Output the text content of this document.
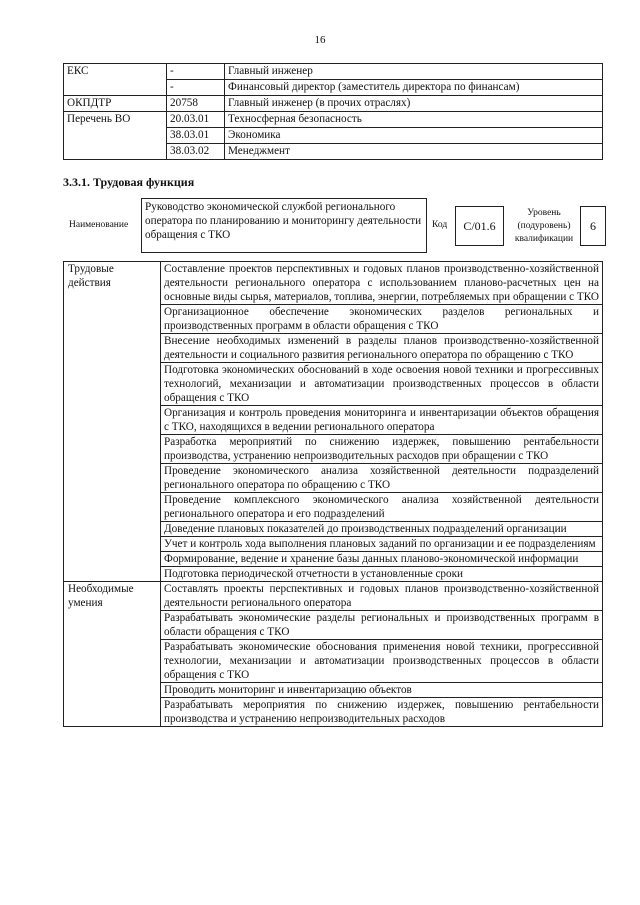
16
ЕКС	-	Главный инженер
	-	Финансовый директор (заместитель директора по финансам)
ОКПДТР	20758	Главный инженер (в прочих отраслях)
Перечень ВО	20.03.01	Техносферная безопасность
	38.03.01	Экономика
	38.03.02	Менеджмент
3.3.1. Трудовая функция
Наименование
Руководство экономической службой регионального оператора по планированию и мониторингу деятельности обращения с ТКО
Код	C/01.6
Уровень (подуровень) квалификации
6
Трудовые действия	Составление проектов перспективных и годовых планов производственно-хозяйственной деятельности регионального оператора с использованием планово-расчетных цен на основные виды сырья, материалов, топлива, энергии, потребляемых при обращении с ТКО
	Организационное обеспечение экономических разделов региональных и производственных программ в области обращения с ТКО
	Внесение необходимых изменений в разделы планов производственно-хозяйственной деятельности и социального развития регионального оператора по обращению с ТКО
	Подготовка экономических обоснований в ходе освоения новой техники и прогрессивных технологий, механизации и автоматизации производственных процессов в области обращения с ТКО
	Организация и контроль проведения мониторинга и инвентаризации объектов обращения с ТКО, находящихся в ведении регионального оператора
	Разработка мероприятий по снижению издержек, повышению рентабельности производства, устранению непроизводительных расходов при обращении с ТКО
	Проведение экономического анализа хозяйственной деятельности подразделений регионального оператора по обращению с ТКО
	Проведение комплексного экономического анализа хозяйственной деятельности регионального оператора и его подразделений
	Доведение плановых показателей до производственных подразделений организации
	Учет и контроль хода выполнения плановых заданий по организации и ее подразделениям
	Формирование, ведение и хранение базы данных планово-экономической информации
	Подготовка периодической отчетности в установленные сроки
Необходимые умения	Составлять проекты перспективных и годовых планов производственно-хозяйственной деятельности регионального оператора
	Разрабатывать экономические разделы региональных и производственных программ в области обращения с ТКО
	Разрабатывать экономические обоснования применения новой техники, прогрессивной технологии, механизации и автоматизации производственных процессов в области обращения с ТКО
	Проводить мониторинг и инвентаризацию объектов
	Разрабатывать мероприятия по снижению издержек, повышению рентабельности производства и устранению непроизводительных расходов
